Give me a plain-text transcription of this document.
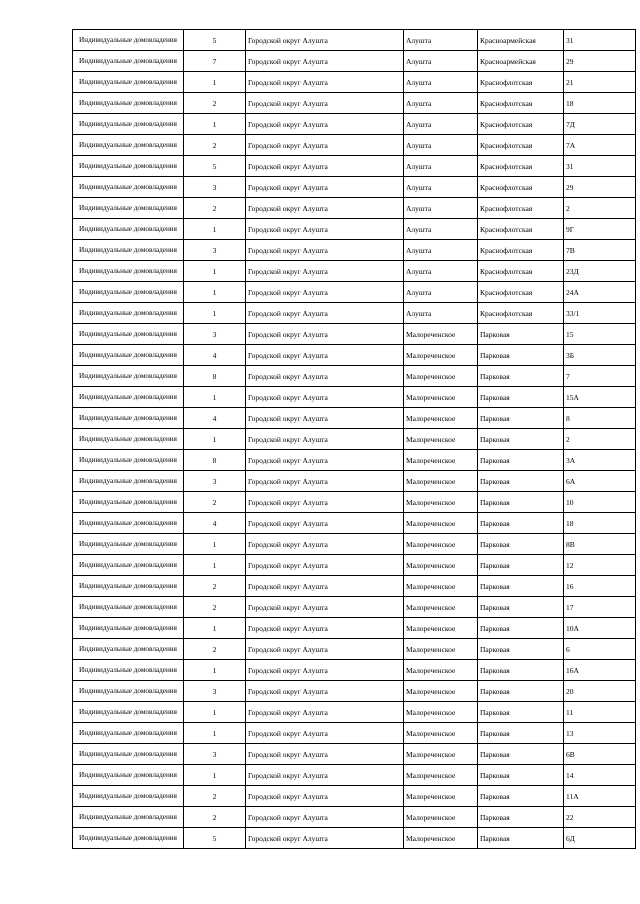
Индивидуальные домовладения	5	Городской округ Алушта	Алушта	Красноармейская	31
Индивидуальные домовладения	7	Городской округ Алушта	Алушта	Красноармейская	29
Индивидуальные домовладения	1	Городской округ Алушта	Алушта	Краснофлотская	21
Индивидуальные домовладения	2	Городской округ Алушта	Алушта	Краснофлотская	18
Индивидуальные домовладения	1	Городской округ Алушта	Алушта	Краснофлотская	7Д
Индивидуальные домовладения	2	Городской округ Алушта	Алушта	Краснофлотская	7А
Индивидуальные домовладения	5	Городской округ Алушта	Алушта	Краснофлотская	31
Индивидуальные домовладения	3	Городской округ Алушта	Алушта	Краснофлотская	29
Индивидуальные домовладения	2	Городской округ Алушта	Алушта	Краснофлотская	2
Индивидуальные домовладения	1	Городской округ Алушта	Алушта	Краснофлотская	9Г
Индивидуальные домовладения	3	Городской округ Алушта	Алушта	Краснофлотская	7В
Индивидуальные домовладения	1	Городской округ Алушта	Алушта	Краснофлотская	23Д
Индивидуальные домовладения	1	Городской округ Алушта	Алушта	Краснофлотская	24А
Индивидуальные домовладения	1	Городской округ Алушта	Алушта	Краснофлотская	33/1
Индивидуальные домовладения	3	Городской округ Алушта	Малореченское	Парковая	15
Индивидуальные домовладения	4	Городской округ Алушта	Малореченское	Парковая	3Б
Индивидуальные домовладения	8	Городской округ Алушта	Малореченское	Парковая	7
Индивидуальные домовладения	1	Городской округ Алушта	Малореченское	Парковая	15А
Индивидуальные домовладения	4	Городской округ Алушта	Малореченское	Парковая	8
Индивидуальные домовладения	1	Городской округ Алушта	Малореченское	Парковая	2
Индивидуальные домовладения	8	Городской округ Алушта	Малореченское	Парковая	3А
Индивидуальные домовладения	3	Городской округ Алушта	Малореченское	Парковая	6А
Индивидуальные домовладения	2	Городской округ Алушта	Малореченское	Парковая	10
Индивидуальные домовладения	4	Городской округ Алушта	Малореченское	Парковая	18
Индивидуальные домовладения	1	Городской округ Алушта	Малореченское	Парковая	8В
Индивидуальные домовладения	1	Городской округ Алушта	Малореченское	Парковая	12
Индивидуальные домовладения	2	Городской округ Алушта	Малореченское	Парковая	16
Индивидуальные домовладения	2	Городской округ Алушта	Малореченское	Парковая	17
Индивидуальные домовладения	1	Городской округ Алушта	Малореченское	Парковая	10А
Индивидуальные домовладения	2	Городской округ Алушта	Малореченское	Парковая	6
Индивидуальные домовладения	1	Городской округ Алушта	Малореченское	Парковая	16А
Индивидуальные домовладения	3	Городской округ Алушта	Малореченское	Парковая	20
Индивидуальные домовладения	1	Городской округ Алушта	Малореченское	Парковая	11
Индивидуальные домовладения	1	Городской округ Алушта	Малореченское	Парковая	13
Индивидуальные домовладения	3	Городской округ Алушта	Малореченское	Парковая	6В
Индивидуальные домовладения	1	Городской округ Алушта	Малореченское	Парковая	14
Индивидуальные домовладения	2	Городской округ Алушта	Малореченское	Парковая	11А
Индивидуальные домовладения	2	Городской округ Алушта	Малореченское	Парковая	22
Индивидуальные домовладения	5	Городской округ Алушта	Малореченское	Парковая	6Д
